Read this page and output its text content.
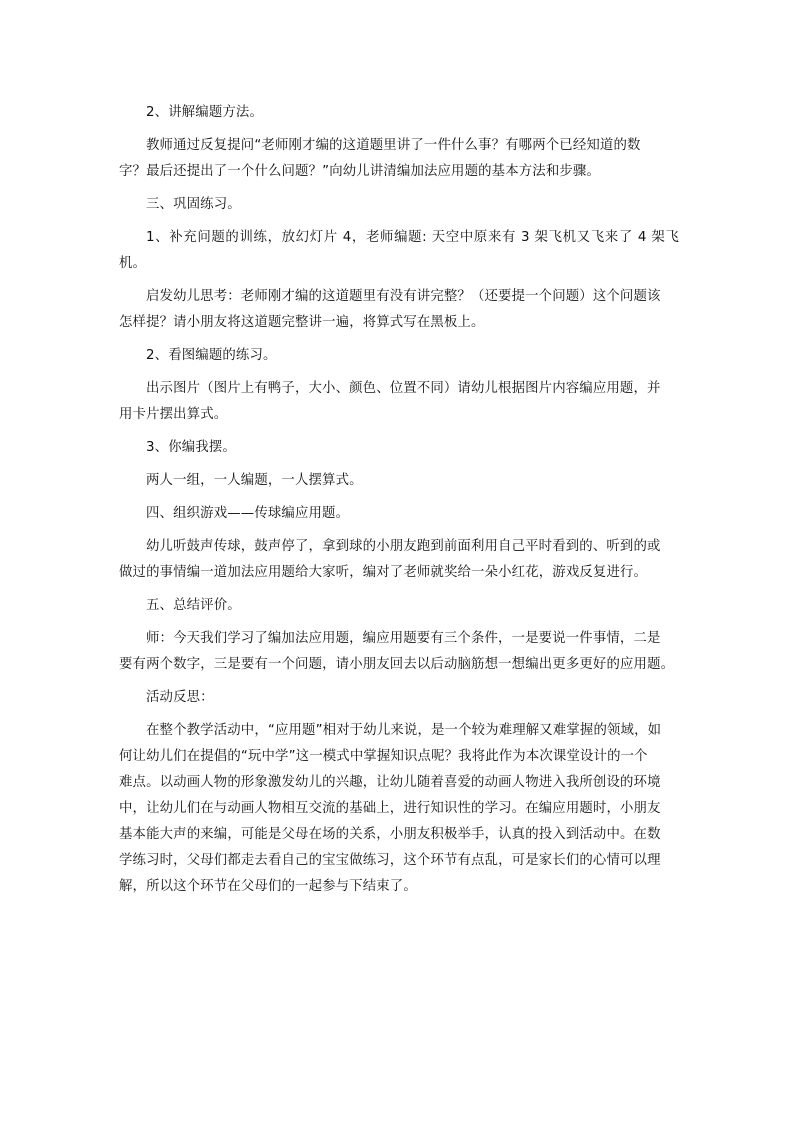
2、讲解编题方法。
教师通过反复提问“老师刚才编的这道题里讲了一件什么事？有哪两个已经知道的数
字？最后还提出了一个什么问题？”向幼儿讲清编加法应用题的基本方法和步骤。
三、巩固练习。
1、补充问题的训练，放幻灯片 4，老师编题: 天空中原来有 3 架飞机又飞来了 4 架飞机。
启发幼儿思考：老师刚才编的这道题里有没有讲完整？（还要提一个问题）这个问题该
怎样提？请小朋友将这道题完整讲一遍，将算式写在黑板上。
2、看图编题的练习。
出示图片（图片上有鸭子，大小、颜色、位置不同）请幼儿根据图片内容编应用题，并
用卡片摆出算式。
3、你编我摆。
两人一组，一人编题，一人摆算式。
四、组织游戏——传球编应用题。
幼儿听鼓声传球，鼓声停了，拿到球的小朋友跑到前面利用自己平时看到的、听到的或
做过的事情编一道加法应用题给大家听，编对了老师就奖给一朵小红花，游戏反复进行。
五、总结评价。
师：今天我们学习了编加法应用题，编应用题要有三个条件，一是要说一件事情，二是
要有两个数字，三是要有一个问题，请小朋友回去以后动脑筋想一想编出更多更好的应用题。
活动反思：
在整个教学活动中，“应用题”相对于幼儿来说，是一个较为难理解又难掌握的领域，如
何让幼儿们在提倡的“玩中学”这一模式中掌握知识点呢？我将此作为本次课堂设计的一个
难点。以动画人物的形象激发幼儿的兴趣，让幼儿随着喜爱的动画人物进入我所创设的环境
中，让幼儿们在与动画人物相互交流的基础上，进行知识性的学习。在编应用题时，小朋友
基本能大声的来编，可能是父母在场的关系，小朋友积极举手，认真的投入到活动中。在数
学练习时，父母们都走去看自己的宝宝做练习，这个环节有点乱，可是家长们的心情可以理
解，所以这个环节在父母们的一起参与下结束了。
